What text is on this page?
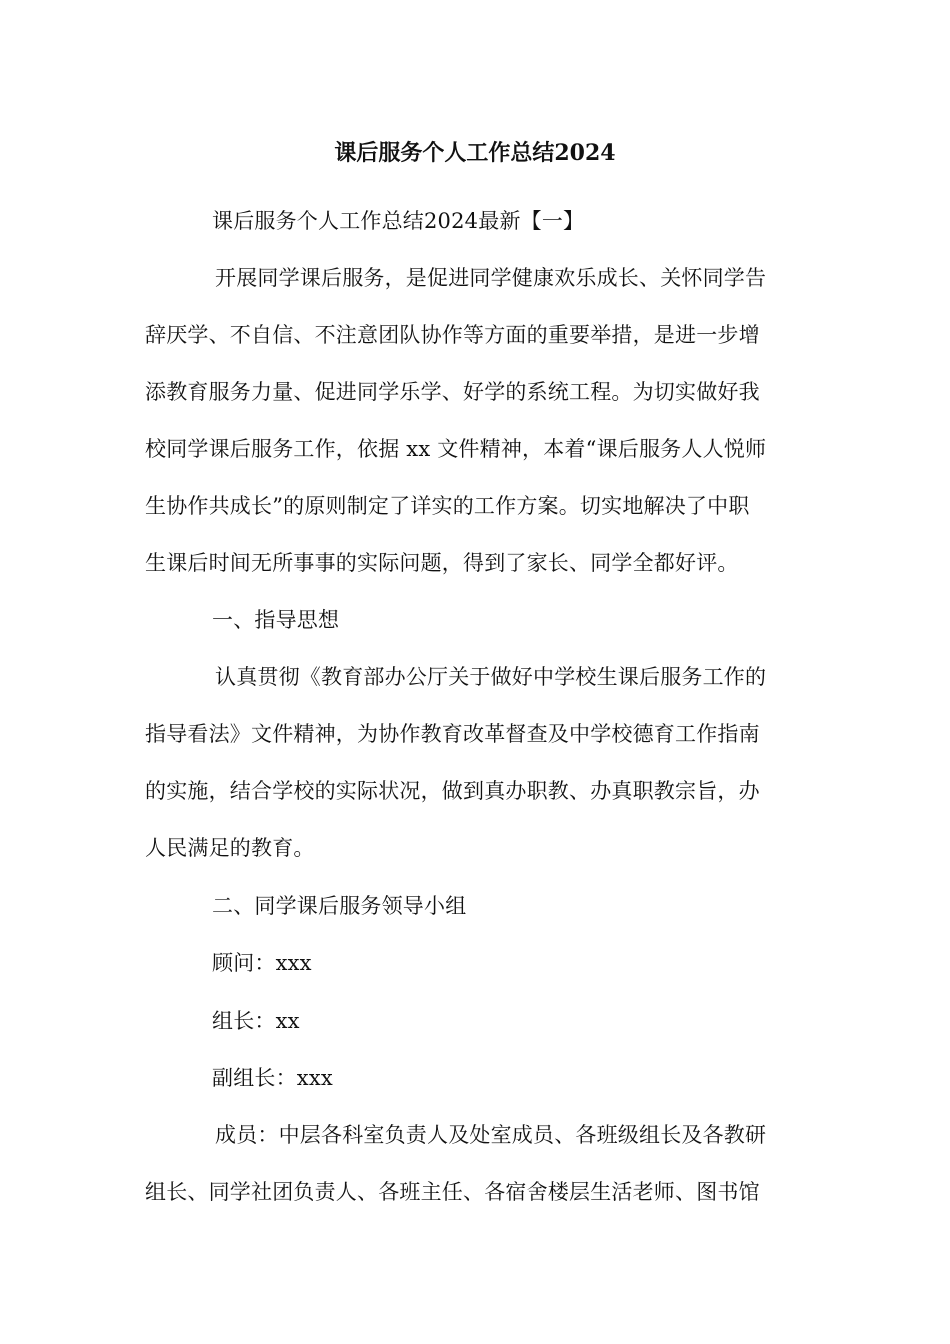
课后服务个人工作总结2024
课后服务个人工作总结2024最新【一】
开展同学课后服务，是促进同学健康欢乐成长、关怀同学告
辞厌学、不自信、不注意团队协作等方面的重要举措，是进一步增
添教育服务力量、促进同学乐学、好学的系统工程。为切实做好我
校同学课后服务工作，依据 xx 文件精神，本着“课后服务人人悦师
生协作共成长”的原则制定了详实的工作方案。切实地解决了中职
生课后时间无所事事的实际问题，得到了家长、同学全都好评。
一、指导思想
认真贯彻《教育部办公厅关于做好中学校生课后服务工作的
指导看法》文件精神，为协作教育改革督查及中学校德育工作指南
的实施，结合学校的实际状况，做到真办职教、办真职教宗旨，办
人民满足的教育。
二、同学课后服务领导小组
顾问：xxx
组长：xx
副组长：xxx
成员：中层各科室负责人及处室成员、各班级组长及各教研
组长、同学社团负责人、各班主任、各宿舍楼层生活老师、图书馆
